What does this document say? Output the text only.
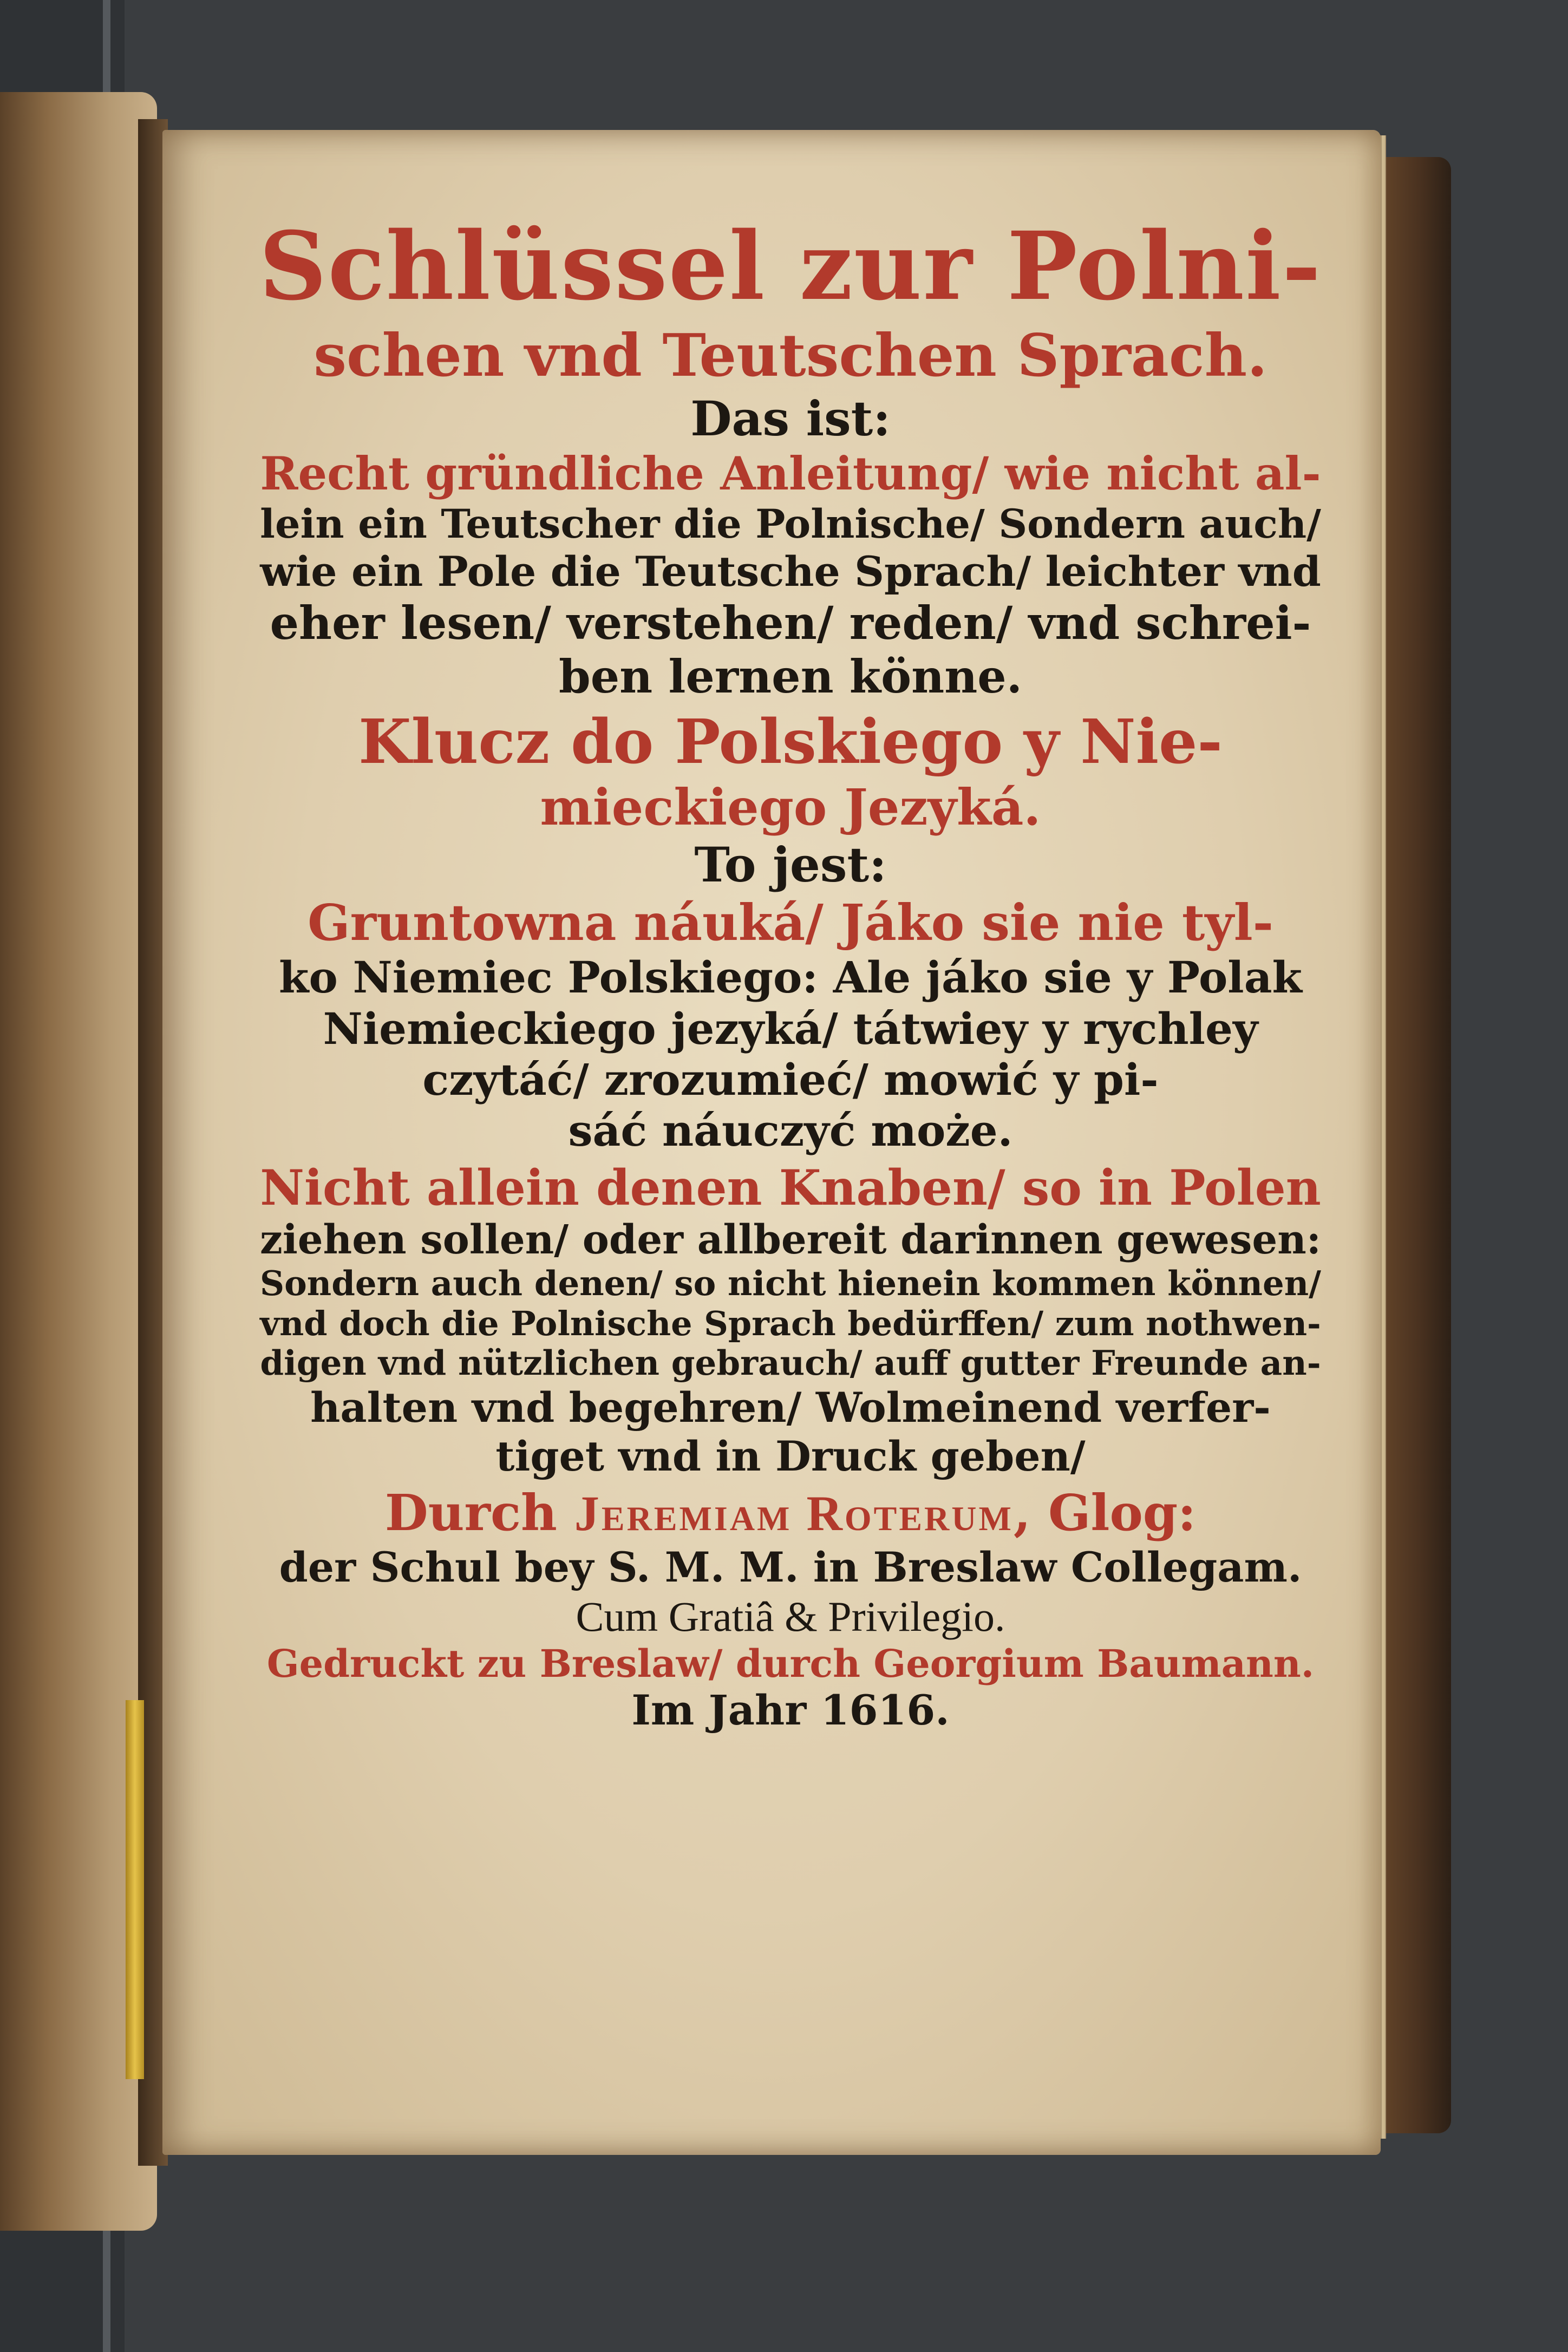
Schlüssel zur Polni-
schen vnd Teutschen Sprach.
Das ist:
Recht gründliche Anleitung/ wie nicht al-
lein ein Teutscher die Polnische/ Sondern auch/
wie ein Pole die Teutsche Sprach/ leichter vnd
eher lesen/ verstehen/ reden/ vnd schrei-
ben lernen könne.
Klucz do Polskiego y Nie-
mieckiego Jezyká.
To jest:
Gruntowna náuká/ Jáko sie nie tyl-
ko Niemiec Polskiego: Ale jáko sie y Polak
Niemieckiego jezyká/ tátwiey y rychley
czytáć/ zrozumieć/ mowić y pi-
sáć náuczyć może.
Nicht allein denen Knaben/ so in Polen
ziehen sollen/ oder allbereit darinnen gewesen:
Sondern auch denen/ so nicht hienein kommen können/
vnd doch die Polnische Sprach bedürffen/ zum nothwen-
digen vnd nützlichen gebrauch/ auff gutter Freunde an-
halten vnd begehren/ Wolmeinend verfer-
tiget vnd in Druck geben/
Durch Jeremiam Roterum, Glog:
der Schul bey S. M. M. in Breslaw Collegam.
Cum Gratiâ & Privilegio.
Gedruckt zu Breslaw/ durch Georgium Baumann.
Im Jahr 1616.
